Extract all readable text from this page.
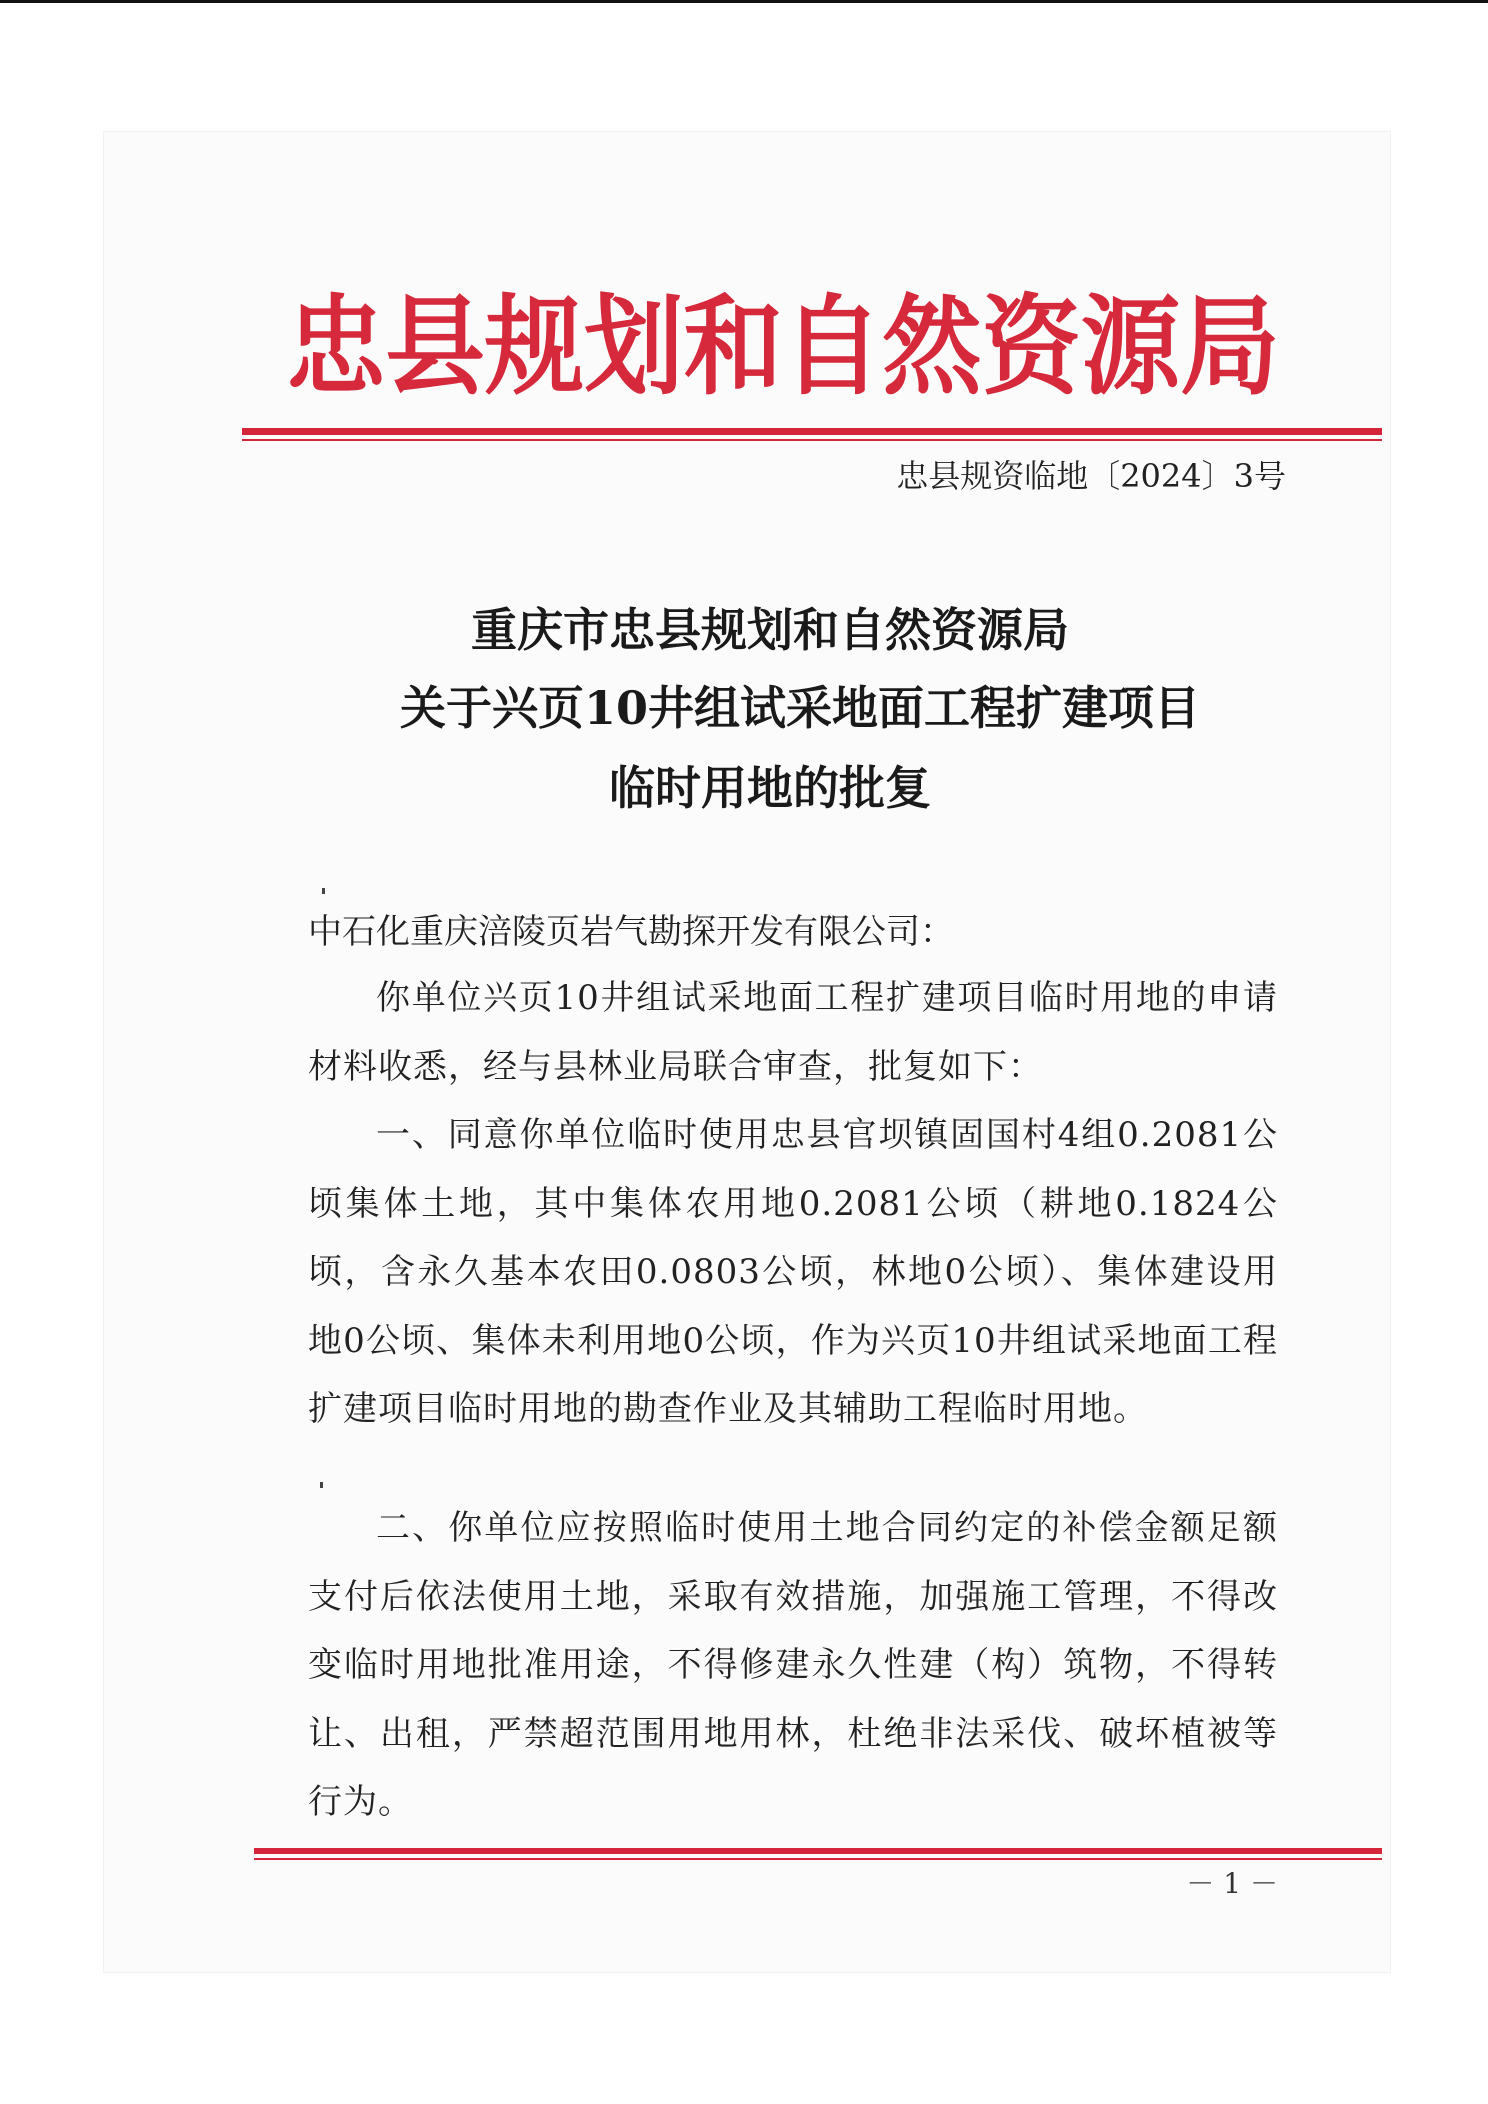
忠县规划和自然资源局
忠县规资临地〔2024〕3号
重庆市忠县规划和自然资源局
关于兴页10井组试采地面工程扩建项目
临时用地的批复
中石化重庆涪陵页岩气勘探开发有限公司：
你单位兴页10井组试采地面工程扩建项目临时用地的申请材料收悉，经与县林业局联合审查，批复如下：
一、同意你单位临时使用忠县官坝镇固国村4组0.2081公顷集体土地，其中集体农用地0.2081公顷（耕地0.1824公顷，含永久基本农田0.0803公顷，林地0公顷）、集体建设用地0公顷、集体未利用地0公顷，作为兴页10井组试采地面工程扩建项目临时用地的勘查作业及其辅助工程临时用地。
二、你单位应按照临时使用土地合同约定的补偿金额足额支付后依法使用土地，采取有效措施，加强施工管理，不得改变临时用地批准用途，不得修建永久性建（构）筑物，不得转让、出租，严禁超范围用地用林，杜绝非法采伐、破坏植被等行为。
－ 1 －
